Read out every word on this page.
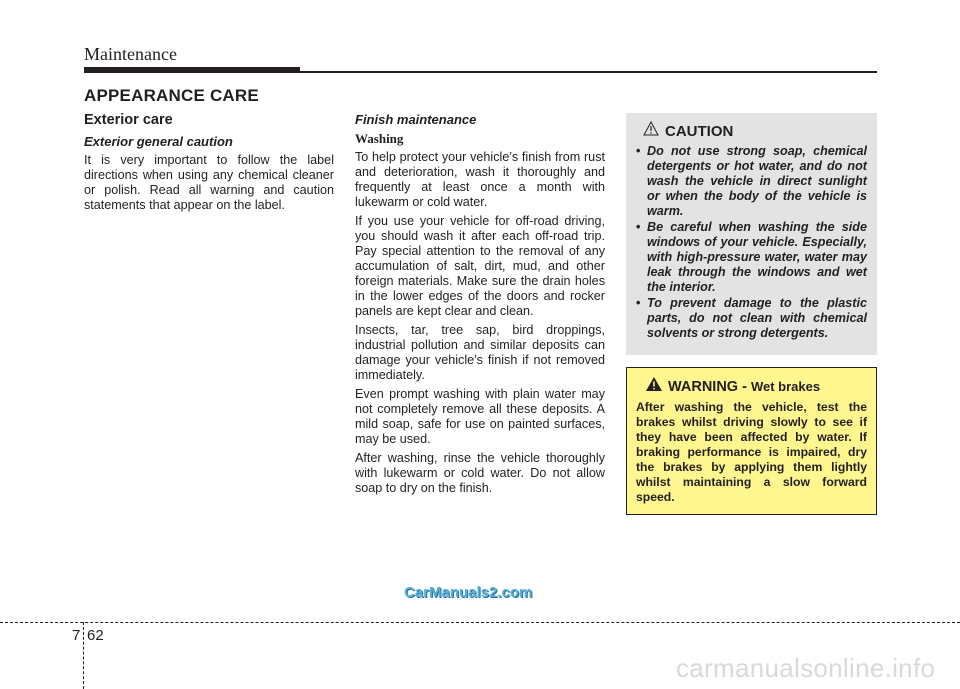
Maintenance
APPEARANCE CARE
Exterior care
Exterior general caution

It is very important to follow the label directions when using any chemical cleaner or polish. Read all warning and caution statements that appear on the label.

Finish maintenance
Washing

To help protect your vehicle’s finish from rust and deterioration, wash it thoroughly and frequently at least once a month with lukewarm or cold water.

If you use your vehicle for off-road driving, you should wash it after each off-road trip. Pay special attention to the removal of any accumulation of salt, dirt, mud, and other foreign materials. Make sure the drain holes in the lower edges of the doors and rocker panels are kept clear and clean.

Insects, tar, tree sap, bird droppings, industrial pollution and similar deposits can damage your vehicle’s finish if not removed immediately.

Even prompt washing with plain water may not completely remove all these deposits. A mild soap, safe for use on painted surfaces, may be used.

After washing, rinse the vehicle thoroughly with lukewarm or cold water. Do not allow soap to dry on the finish.

CAUTION
• Do not use strong soap, chemical detergents or hot water, and do not wash the vehicle in direct sunlight or when the body of the vehicle is warm.
• Be careful when washing the side windows of your vehicle. Especially, with high-pressure water, water may leak through the windows and wet the interior.
• To prevent damage to the plastic parts, do not clean with chemical solvents or strong detergents.
WARNING - Wet brakes
After washing the vehicle, test the brakes whilst driving slowly to see if they have been affected by water. If braking performance is impaired, dry the brakes by applying them lightly whilst maintaining a slow forward speed.
CarManuals2.com
7 62
carmanualsonline.info
